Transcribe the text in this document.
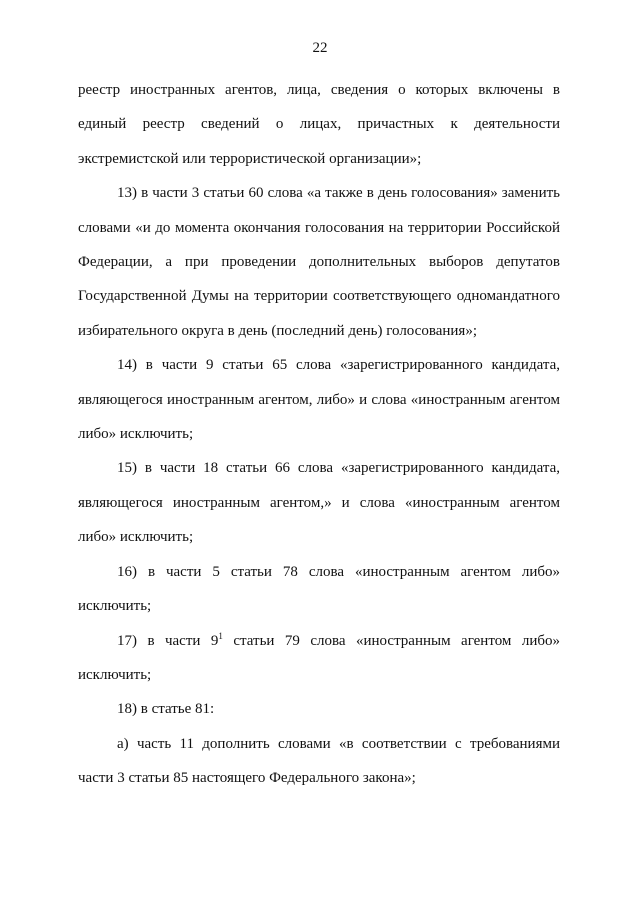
22

реестр иностранных агентов, лица, сведения о которых включены в единый реестр сведений о лицах, причастных к деятельности экстремистской или террористической организации»;

13) в части 3 статьи 60 слова «а также в день голосования» заменить словами «и до момента окончания голосования на территории Российской Федерации, а при проведении дополнительных выборов депутатов Государственной Думы на территории соответствующего одномандатного избирательного округа в день (последний день) голосования»;

14) в части 9 статьи 65 слова «зарегистрированного кандидата, являющегося иностранным агентом, либо» и слова «иностранным агентом либо» исключить;

15) в части 18 статьи 66 слова «зарегистрированного кандидата, являющегося иностранным агентом,» и слова «иностранным агентом либо» исключить;

16) в части 5 статьи 78 слова «иностранным агентом либо» исключить;

17) в части $9^1$ статьи 79 слова «иностранным агентом либо» исключить;

18) в статье 81:

а) часть 11 дополнить словами «в соответствии с требованиями части 3 статьи 85 настоящего Федерального закона»;
